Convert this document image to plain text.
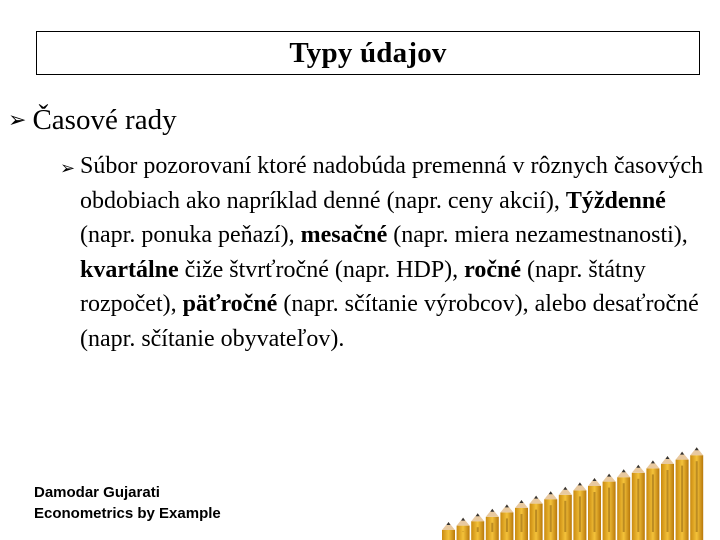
Typy údajov
➢ Časové rady
➢ Súbor pozorovaní ktoré nadobúda premenná v rôznych časových obdobiach ako napríklad denné (napr. ceny akcií), Týždenné (napr. ponuka peňazí), mesačné (napr. miera nezamestnanosti), kvartálne čiže štvrťročné (napr. HDP), ročné (napr. štátny rozpočet), päťročné (napr. sčítanie výrobcov), alebo desaťročné (napr. sčítanie obyvateľov).

Damodar Gujarati
Econometrics by Example
